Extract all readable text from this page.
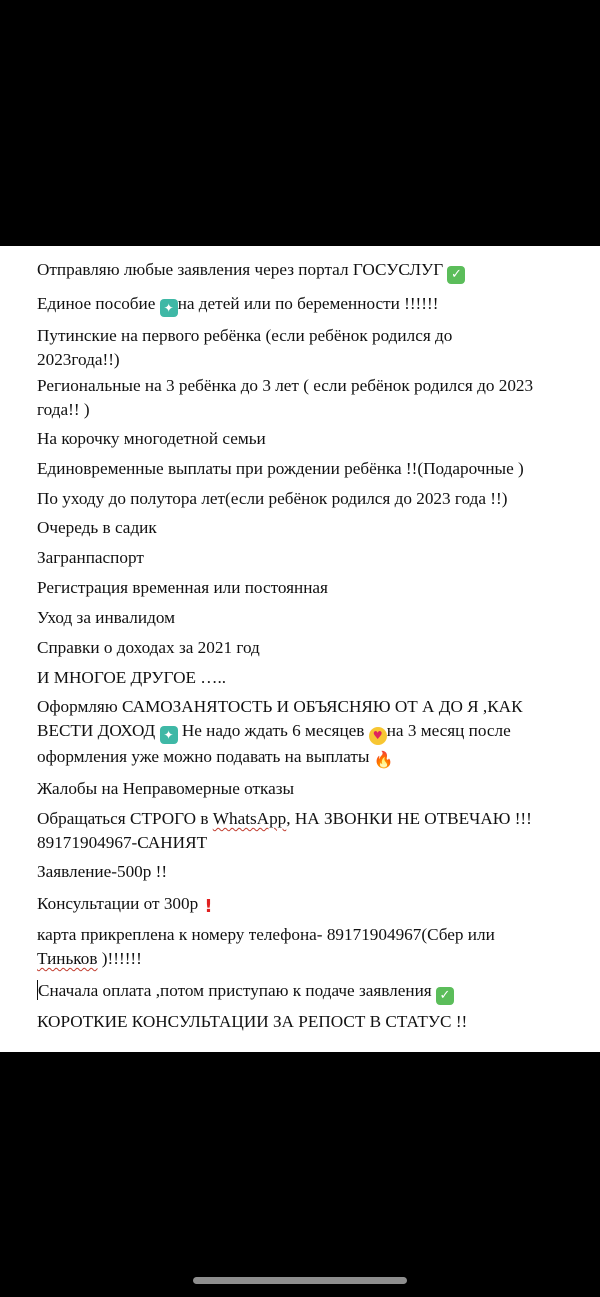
Отправляю любые заявления через портал ГОСУСЛУГ ✓
Единое пособие ✦ на детей или по беременности !!!!!!
Путинские на первого ребёнка (если ребёнок родился до 2023года!!)
Региональные на 3 ребёнка до 3 лет ( если ребёнок родился до 2023 года!! )
На корочку многодетной семьи
Единовременные выплаты при рождении ребёнка !!(Подарочные )
По уходу до полутора лет(если ребёнок родился до 2023 года !!)
Очередь в садик
Загранпаспорт
Регистрация временная или постоянная
Уход за инвалидом
Справки о доходах за 2021 год
И МНОГОЕ ДРУГОЕ …..
Оформляю САМОЗАНЯТОСТЬ И ОБЪЯСНЯЮ ОТ А ДО Я ,КАК ВЕСТИ ДОХОД ✦ Не надо ждать 6 месяцев ♥ на 3 месяц после оформления уже можно подавать на выплаты 🔥
Жалобы на Неправомерные отказы
Обращаться СТРОГО в WhatsApp, НА ЗВОНКИ НЕ ОТВЕЧАЮ !!! 89171904967-САНИЯТ
Заявление-500р !!
Консультации от 300р !
карта прикреплена к номеру телефона- 89171904967(Сбер или Тиньков )!!!!!!
Сначала оплата ,потом приступаю к подаче заявления ✓
КОРОТКИЕ КОНСУЛЬТАЦИИ ЗА РЕПОСТ В СТАТУС !!
